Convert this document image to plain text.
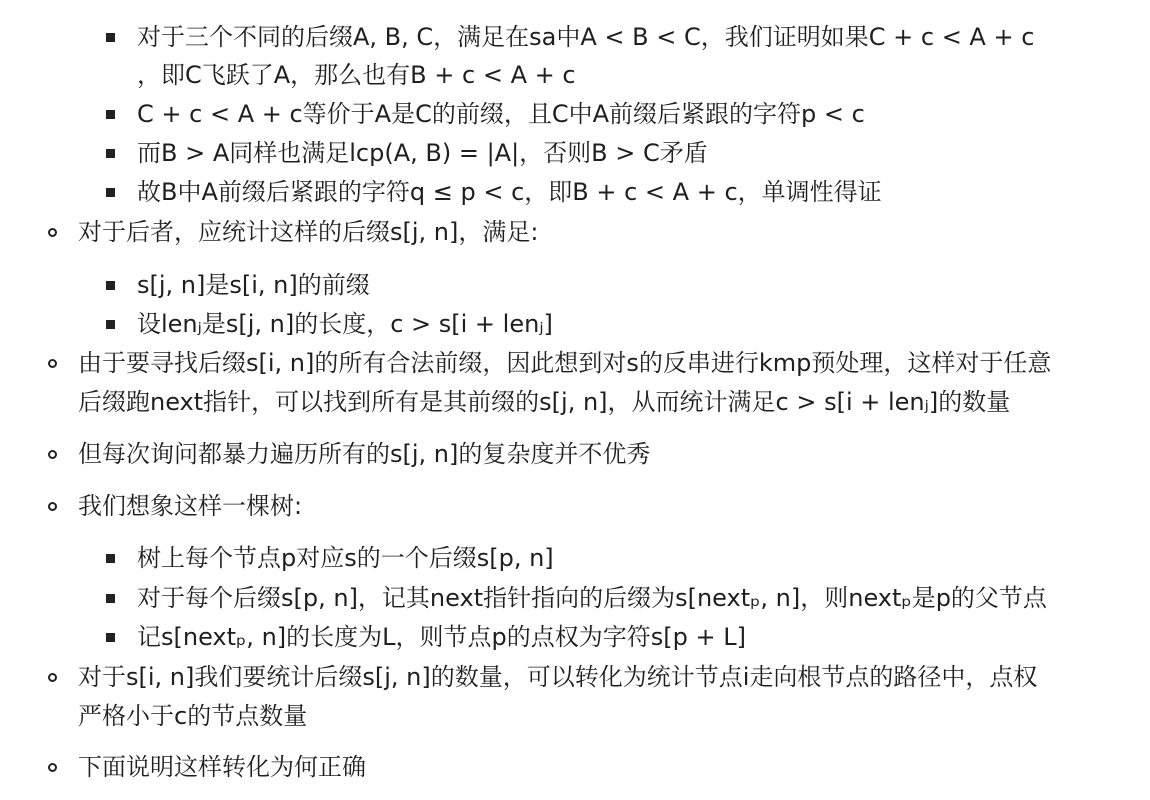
对于三个不同的后缀A, B, C，满足在sa中A < B < C，我们证明如果C + c < A + c
，即C飞跃了A，那么也有B + c < A + c
C + c < A + c等价于A是C的前缀，且C中A前缀后紧跟的字符p < c
而B > A同样也满足lcp(A, B) = |A|，否则B > C矛盾
故B中A前缀后紧跟的字符q ≤ p < c，即B + c < A + c，单调性得证
对于后者，应统计这样的后缀s[j, n]，满足:
s[j, n]是s[i, n]的前缀
设lenⱼ是s[j, n]的长度，c > s[i + lenⱼ]
由于要寻找后缀s[i, n]的所有合法前缀，因此想到对s的反串进行kmp预处理，这样对于任意
后缀跑next指针，可以找到所有是其前缀的s[j, n]，从而统计满足c > s[i + lenⱼ]的数量
但每次询问都暴力遍历所有的s[j, n]的复杂度并不优秀
我们想象这样一棵树:
树上每个节点p对应s的一个后缀s[p, n]
对于每个后缀s[p, n]，记其next指针指向的后缀为s[nextₚ, n]，则nextₚ是p的父节点
记s[nextₚ, n]的长度为L，则节点p的点权为字符s[p + L]
对于s[i, n]我们要统计后缀s[j, n]的数量，可以转化为统计节点i走向根节点的路径中，点权
严格小于c的节点数量
下面说明这样转化为何正确
